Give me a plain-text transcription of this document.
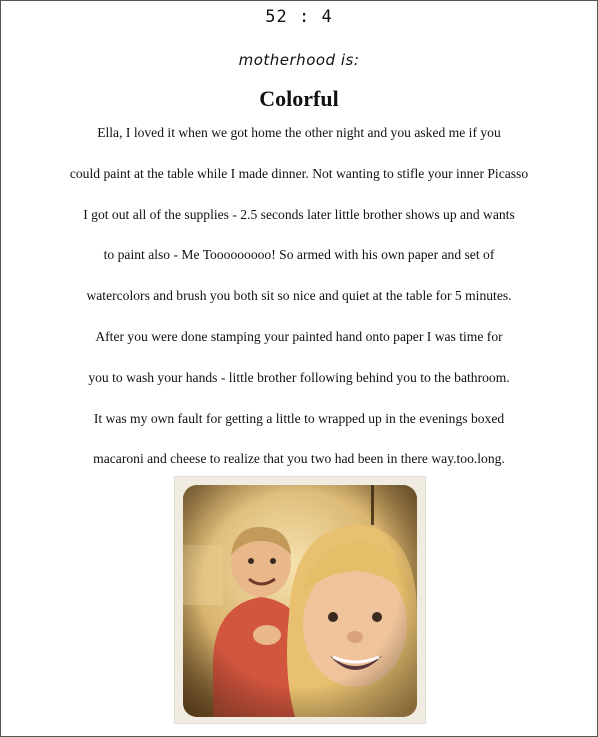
52 : 4
motherhood is:
Colorful
Ella, I loved it when we got home the other night and you asked me if you
could paint at the table while I made dinner. Not wanting to stifle your inner Picasso
I got out all of the supplies - 2.5 seconds later little brother shows up and wants
to paint also - Me Tooooooooo! So armed with his own paper and set of
watercolors and brush you both sit so nice and quiet at the table for 5 minutes.
After you were done stamping your painted hand onto paper I was time for
you to wash your hands - little brother following behind you to the bathroom.
It was my own fault for getting a little to wrapped up in the evenings boxed
macaroni and cheese to realize that you two had been in there way.too.long.
